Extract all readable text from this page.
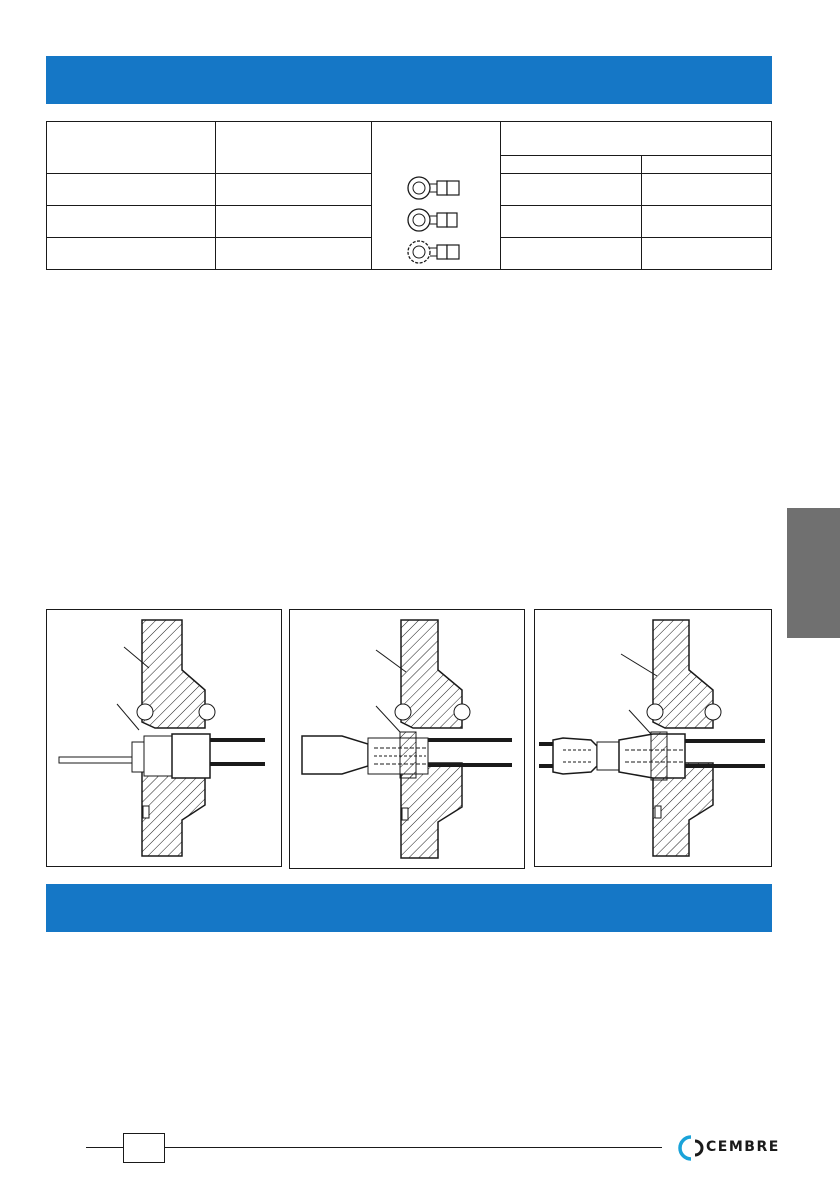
CEMBRE
